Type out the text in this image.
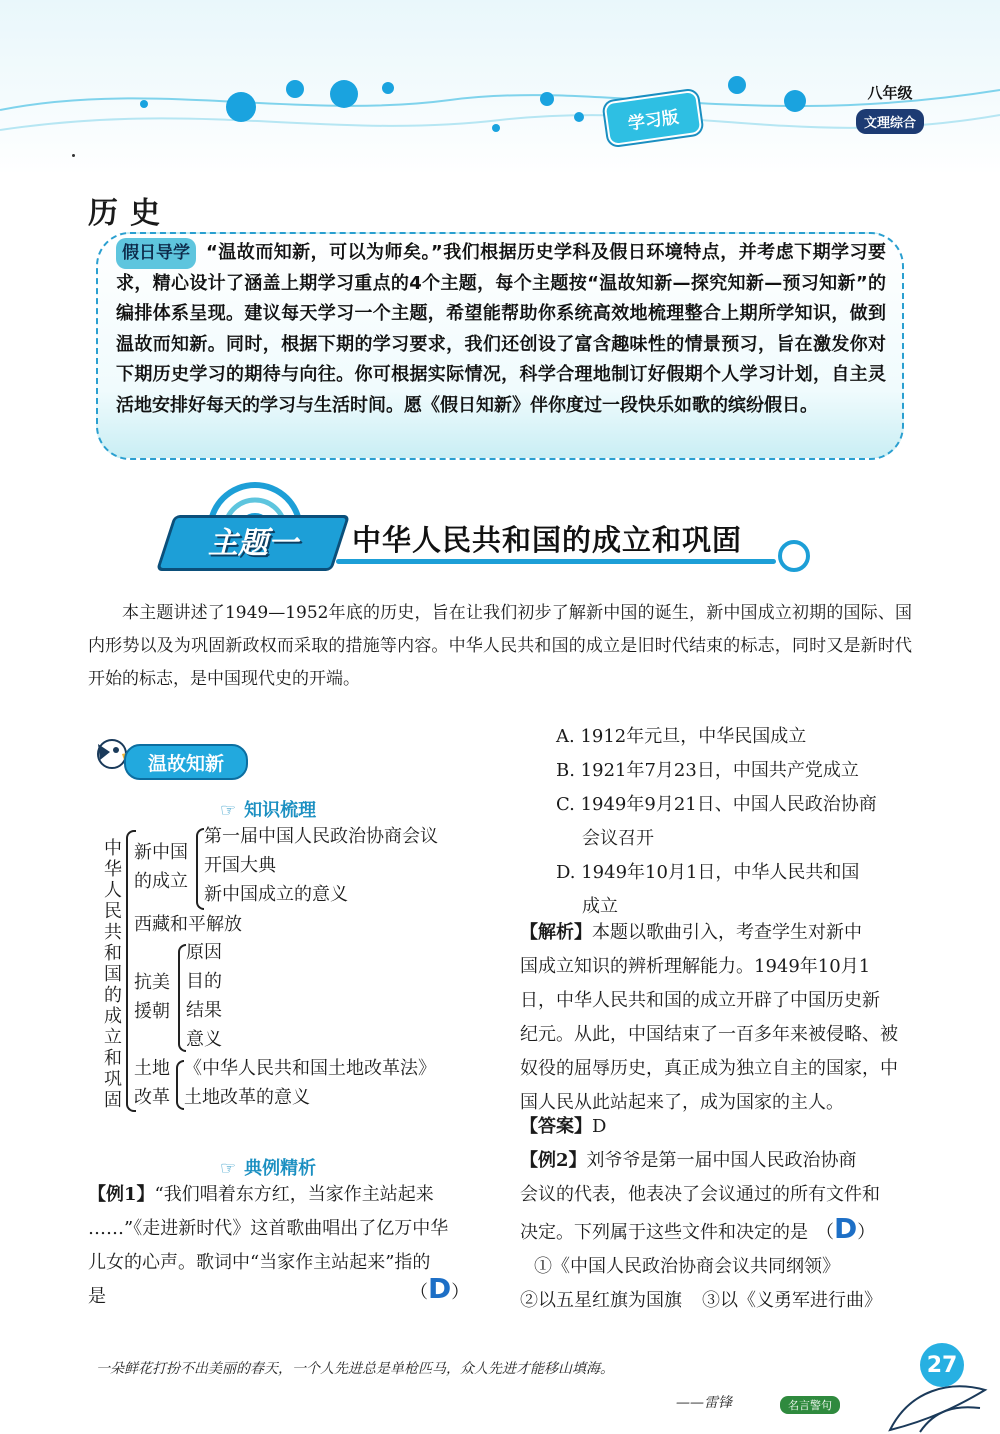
学习版
八年级
文理综合
历史
假日导学 “温故而知新，可以为师矣。”我们根据历史学科及假日环境特点，并考虑下期学习要求，精心设计了涵盖上期学习重点的4个主题，每个主题按“温故知新—探究知新—预习知新”的编排体系呈现。建议每天学习一个主题，希望能帮助你系统高效地梳理整合上期所学知识，做到温故而知新。同时，根据下期的学习要求，我们还创设了富含趣味性的情景预习，旨在激发你对下期历史学习的期待与向往。你可根据实际情况，科学合理地制订好假期个人学习计划，自主灵活地安排好每天的学习与生活时间。愿《假日知新》伴你度过一段快乐如歌的缤纷假日。
主题一	中华人民共和国的成立和巩固
本主题讲述了1949—1952年底的历史，旨在让我们初步了解新中国的诞生，新中国成立初期的国际、国内形势以及为巩固新政权而采取的措施等内容。中华人民共和国的成立是旧时代结束的标志，同时又是新时代开始的标志，是中国现代史的开端。
温故知新
☞ 知识梳理
中华人民共和国的成立和巩固
新中国
的成立
第一届中国人民政治协商会议
开国大典
新中国成立的意义
西藏和平解放
抗美
援朝
原因
目的
结果
意义
土地
改革
《中华人民共和国土地改革法》
土地改革的意义
☞ 典例精析
【例1】“我们唱着东方红，当家作主站起来
……”《走进新时代》这首歌曲唱出了亿万中华
儿女的心声。歌词中“当家作主站起来”指的
是	（D）
A. 1912年元旦，中华民国成立
B. 1921年7月23日，中国共产党成立
C. 1949年9月21日、中国人民政治协商
会议召开
D. 1949年10月1日，中华人民共和国
成立
【解析】本题以歌曲引入，考查学生对新中
国成立知识的辨析理解能力。1949年10月1
日，中华人民共和国的成立开辟了中国历史新
纪元。从此，中国结束了一百多年来被侵略、被
奴役的屈辱历史，真正成为独立自主的国家，中
国人民从此站起来了，成为国家的主人。
【答案】D
【例2】刘爷爷是第一届中国人民政治协商
会议的代表，他表决了会议通过的所有文件和
决定。下列属于这些文件和决定的是 （D）
①《中国人民政治协商会议共同纲领》
②以五星红旗为国旗 ③以《义勇军进行曲》
一朵鲜花打扮不出美丽的春天，一个人先进总是单枪匹马，众人先进才能移山填海。
——雷锋	名言警句
27
